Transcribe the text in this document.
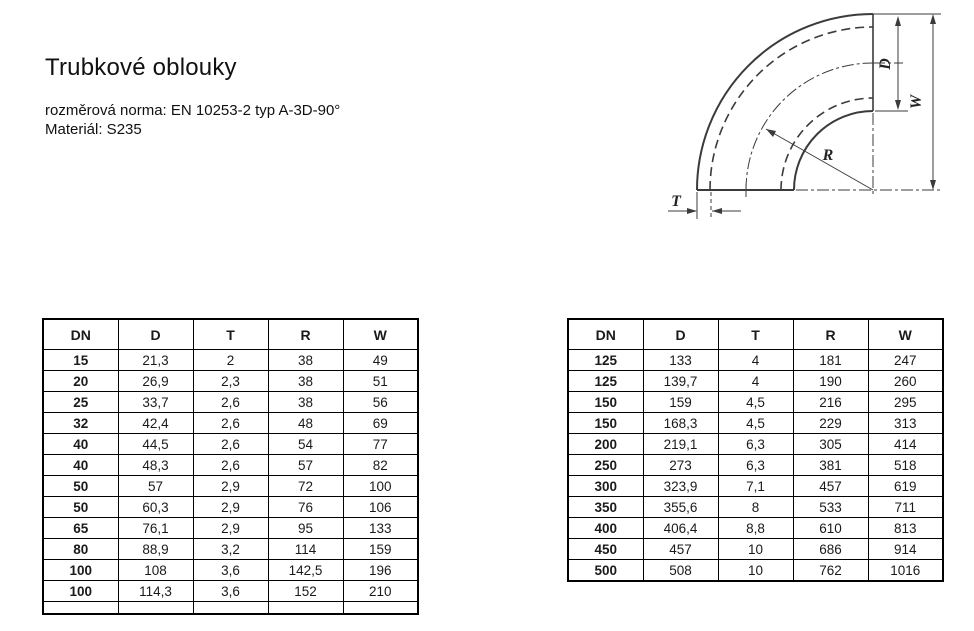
Trubkové oblouky
rozměrová norma: EN 10253-2 typ A-3D-90°
Materiál: S235
D
W
R
T
DN	D	T	R	W
15	21,3	2	38	49
20	26,9	2,3	38	51
25	33,7	2,6	38	56
32	42,4	2,6	48	69
40	44,5	2,6	54	77
40	48,3	2,6	57	82
50	57	2,9	72	100
50	60,3	2,9	76	106
65	76,1	2,9	95	133
80	88,9	3,2	114	159
100	108	3,6	142,5	196
100	114,3	3,6	152	210

DN	D	T	R	W
125	133	4	181	247
125	139,7	4	190	260
150	159	4,5	216	295
150	168,3	4,5	229	313
200	219,1	6,3	305	414
250	273	6,3	381	518
300	323,9	7,1	457	619
350	355,6	8	533	711
400	406,4	8,8	610	813
450	457	10	686	914
500	508	10	762	1016
